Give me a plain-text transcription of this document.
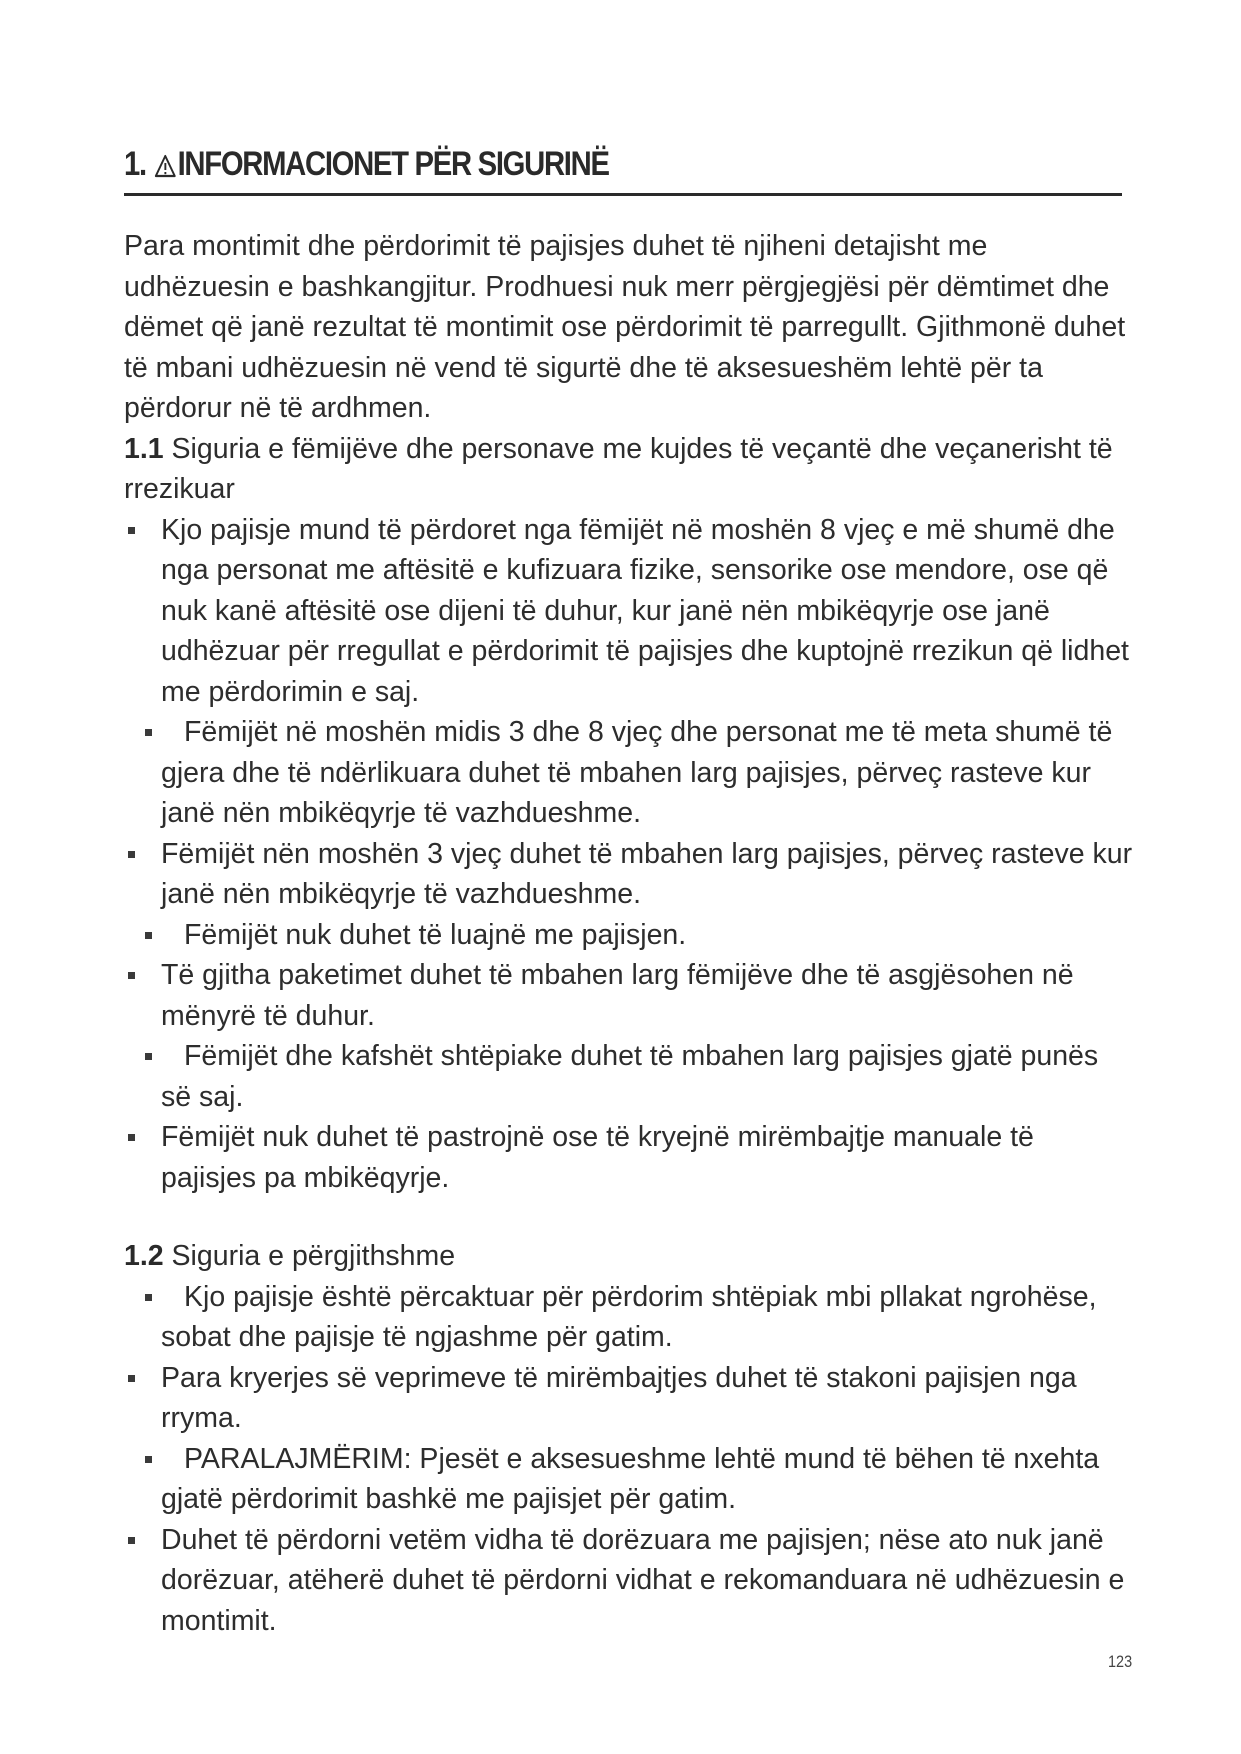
1. INFORMACIONET PËR SIGURINË

Para montimit dhe përdorimit të pajisjes duhet të njiheni detajisht me udhëzuesin e bashkangjitur. Prodhuesi nuk merr përgjegjësi për dëmtimet dhe dëmet që janë rezultat të montimit ose përdorimit të parregullt. Gjithmonë duhet të mbani udhëzuesin në vend të sigurtë dhe të aksesueshëm lehtë për ta përdorur në të ardhmen.

1.1 Siguria e fëmijëve dhe personave me kujdes të veçantë dhe veçanerisht të rrezikuar

Kjo pajisje mund të përdoret nga fëmijët në moshën 8 vjeç e më shumë dhe nga personat me aftësitë e kufizuara fizike, sensorike ose mendore, ose që nuk kanë aftësitë ose dijeni të duhur, kur janë nën mbikëqyrje ose janë udhëzuar për rregullat e përdorimit të pajisjes dhe kuptojnë rrezikun që lidhet me përdorimin e saj.

Fëmijët në moshën midis 3 dhe 8 vjeç dhe personat me të meta shumë të gjera dhe të ndërlikuara duhet të mbahen larg pajisjes, përveç rasteve kur janë nën mbikëqyrje të vazhdueshme.

Fëmijët nën moshën 3 vjeç duhet të mbahen larg pajisjes, përveç rasteve kur janë nën mbikëqyrje të vazhdueshme.

Fëmijët nuk duhet të luajnë me pajisjen.

Të gjitha paketimet duhet të mbahen larg fëmijëve dhe të asgjësohen në mënyrë të duhur.

Fëmijët dhe kafshët shtëpiake duhet të mbahen larg pajisjes gjatë punës së saj.

Fëmijët nuk duhet të pastrojnë ose të kryejnë mirëmbajtje manuale të pajisjes pa mbikëqyrje.

1.2 Siguria e përgjithshme

Kjo pajisje është përcaktuar për përdorim shtëpiak mbi pllakat ngrohëse, sobat dhe pajisje të ngjashme për gatim.

Para kryerjes së veprimeve të mirëmbajtjes duhet të stakoni pajisjen nga rryma.

PARALAJMËRIM: Pjesët e aksesueshme lehtë mund të bëhen të nxehta gjatë përdorimit bashkë me pajisjet për gatim.

Duhet të përdorni vetëm vidha të dorëzuara me pajisjen; nëse ato nuk janë dorëzuar, atëherë duhet të përdorni vidhat e rekomanduara në udhëzuesin e montimit.

123
